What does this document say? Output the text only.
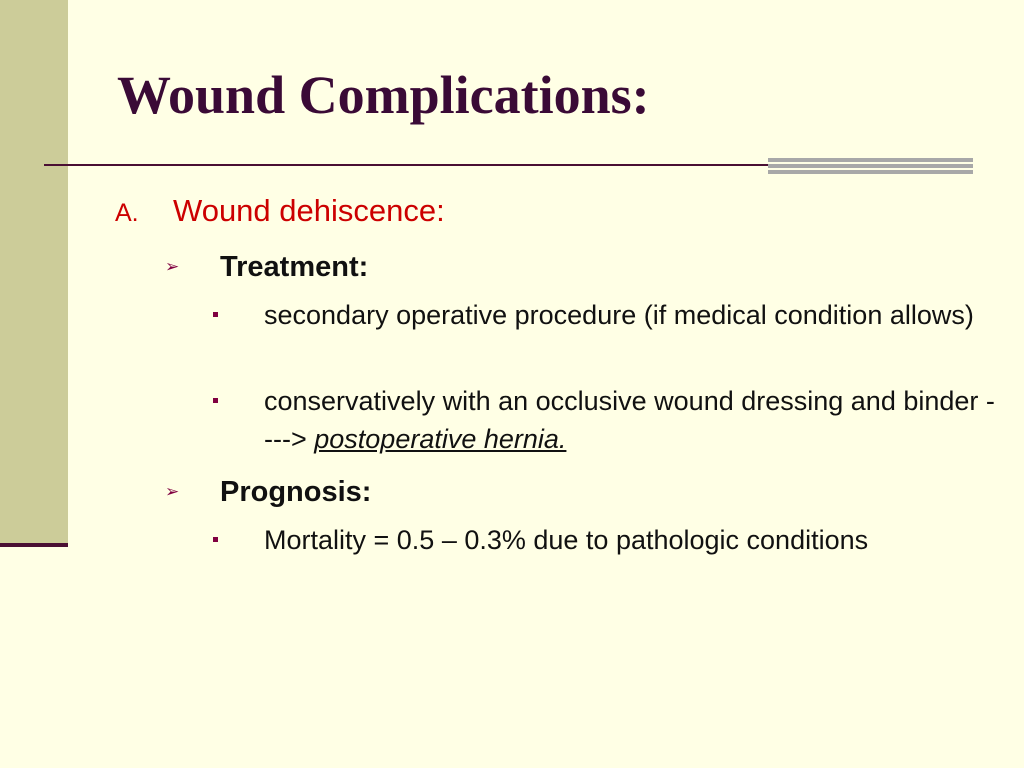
Wound Complications:
A. Wound dehiscence:
➢ Treatment:
secondary operative procedure (if medical condition allows)
conservatively with an occlusive wound dressing and binder ----> postoperative hernia.
➢ Prognosis:
Mortality = 0.5 – 0.3% due to pathologic conditions
